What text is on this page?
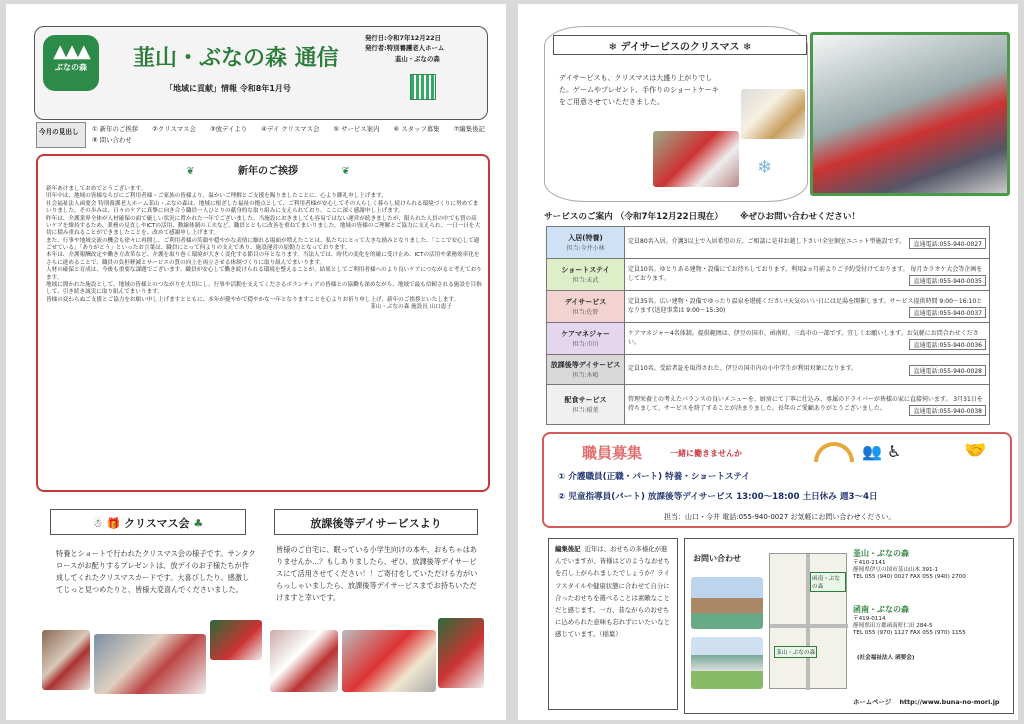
▲▲▲
ぶなの森	韮山・ぶなの森 通信
「地域に貢献」情報 令和8年1月号
発行日:令和7年12月22日
発行者:特別養護老人ホーム
韮山・ぶなの森
今月の見出し	① 新年のご挨拶 ②クリスマス会 ③放デイより ④デイ クリスマス会 ⑤ サービス案内 ⑥ スタッフ募集 ⑦編集後記
⑧ 問い合わせ
❦	新年のご挨拶	❦

新年あけましておめでとうございます。

旧年中は、地域の皆様ならびにご利用者様・ご家族の皆様より、温かいご理解とご支援を賜りましたことに、心より御礼申し上げます。

社会福祉法人函要会 特別養護老人ホーム韮山・ぶなの森は、地域に根ざした福祉の拠点として、ご利用者様が安心してその人らしく暮らし続けられる環境づくりに努めてまいりました。その歩みは、日々のケアに真摯に向き合う職員一人ひとりの献身的な取り組みに支えられており、ここに深く感謝申し上げます。

昨年は、介護業界全体が人材確保の面で厳しい状況に置かれた一年でございました。当施設におきましても容易ではない運営が続きましたが、限られた人員の中でも質の高いケアを維持するため、業務の見直しやICTの活用、動線体制の工夫など、職員とともに改善を重ねてまいりました。地域の皆様のご理解とご協力に支えられ、一日一日を大切に積み重ねることができましたことを、改めて感謝申し上げます。

また、行事や地域交流の機会も徐々に再開し、ご利用者様の笑顔や穏やかな表情に触れる場面が増えたことは、私たちにとって大きな励みとなりました。「ここで安心して過ごせている」「ありがとう」といったお言葉は、職員にとって何よりの支えであり、施設運営の原動力となっております。

本年は、介護報酬改定や働き方改革など、介護を取り巻く環境が大きく変化する節目の年となります。当法人では、時代の変化を的確に受け止め、ICTの活用や業務効率化をさらに進めることで、職員の負担軽減とサービスの質の向上を両立させる体制づくりに取り組んでまいります。

人材の確保と育成は、今後も重要な課題でございます。職員が安心して働き続けられる環境を整えることが、結果としてご利用者様へのより良いケアにつながると考えております。

地域に開かれた施設として、地域の皆様とのつながりを大切にし、行事や活動を支えてくださるボランティアの皆様との協働も深めながら、地域で最も信頼される施設を目指して、引き続き誠実に取り組んでまいります。

皆様の変わらぬご支援とご協力をお願い申し上げますとともに、本年が健やかで穏やかな一年となりますことを心よりお祈り申し上げ、新年のご挨拶といたします。

韮山・ぶなの森 施設長 山口恵子

☃ 🎁 クリスマス会 ♣
特養とショートで行われたクリスマス会の様子です。サンタクロースがお配りするプレゼントは、放デイのお子様たちが作成してくれたクリスマスカードです。大喜びしたり、感激してじっと見つめたりと、皆様大変喜んでくださいました。
放課後等デイサービスより
皆様のご自宅に、眠っている小学生向けの本や、おもちゃはありませんか…？もしありましたら、ぜひ、放課後等デイサービスにて活用させてください！！ご寄付をしていただける方がいらっしゃいましたら、放課後等デイサービスまでお持ちいただけますと幸いです。
❄ デイサービスのクリスマス ❄
デイサービスも、クリスマスは大盛り上がりでした。ゲームやプレゼント、手作りのショートケーキをご用意させていただきました。
❄
サービスのご案内 （令和7年12月22日現在） ※ぜひお問い合わせください！
入居(特養)
担当:今井小林	定員80名入居。介護3以上で入居希望の方。ご相談に是非お越し下さい!全室個室ユニット型施設です。 直通電話:055-940-0027

ショートステイ
担当:末武	定員10名。ゆとりある建物・設備にてお待ちしております。利用2ヵ月前よりご予約受付けております。 毎月カラオケ大会等企画をしております。 直通電話:055-940-0035

デイサービス
担当:佐野	定員35名。広い建物・設備でゆったり温泉を堪能ください!天気のいい日には足湯を開催します。サービス提供時間 9:00～16:10となります(送迎事業は 9:00～15:30) 直通電話:055-940-0037

ケアマネジャー
担当:市川	ケアマネジャー4名体制。提供範囲は、伊豆の国市、函南町、三島市の一部です。宜しくお願いします。お気軽にお問合わせください。 直通電話:055-940-0036

放課後等デイサービス
担当:木嶋	定員10名。受給者証を取得された、伊豆の国市内の小中学生が利用対象になります。 直通電話:055-940-0028

配食サービス
担当:稲葉	管理栄養士の考えたバランスの良いメニューを、厨房にて丁寧に仕込み、専属のドライバーが皆様の家に直接伺います。 3月31日を持ちまして、サービスを終了することが決まりました。長年のご愛顧ありがとうございました。 直通電話:055-940-0038
職員募集	一緒に働きませんか
① 介護職員(正職・パート) 特養・ショートステイ
② 児童指導員(パート) 放課後等デイサービス 13:00～18:00 土日休み 週3～4日
担当：山口・今井 電話:055-940-0027 お気軽にお問い合わせください。
👥 ♿	🤝
編集後記 近年は、おせちの多様化が進んでいますが、皆様はどのようなおせちを召し上がられましたでしょうか？ライフスタイルや健康状態に合わせて自分に合ったおせちを選べることは素敵なことだと感じます。一方、昔ながらのおせちに込められた意味も忘れずにいたいなと感じています。（稲葉）
お問い合わせ
函南・ぶなの森
韮山・ぶなの森
韮山・ぶなの森
〒410-2141
静岡県伊豆の国市韮山山木 391-1
TEL 055 (940) 0027 FAX 055 (940) 2700
函南・ぶなの森
〒419-0114
静岡県田方郡函南町仁田 284-5
TEL 055 (970) 1127 FAX 055 (970) 1155
(社会福祉法人 函要会)
ホームページ http://www.buna-no-mori.jp
